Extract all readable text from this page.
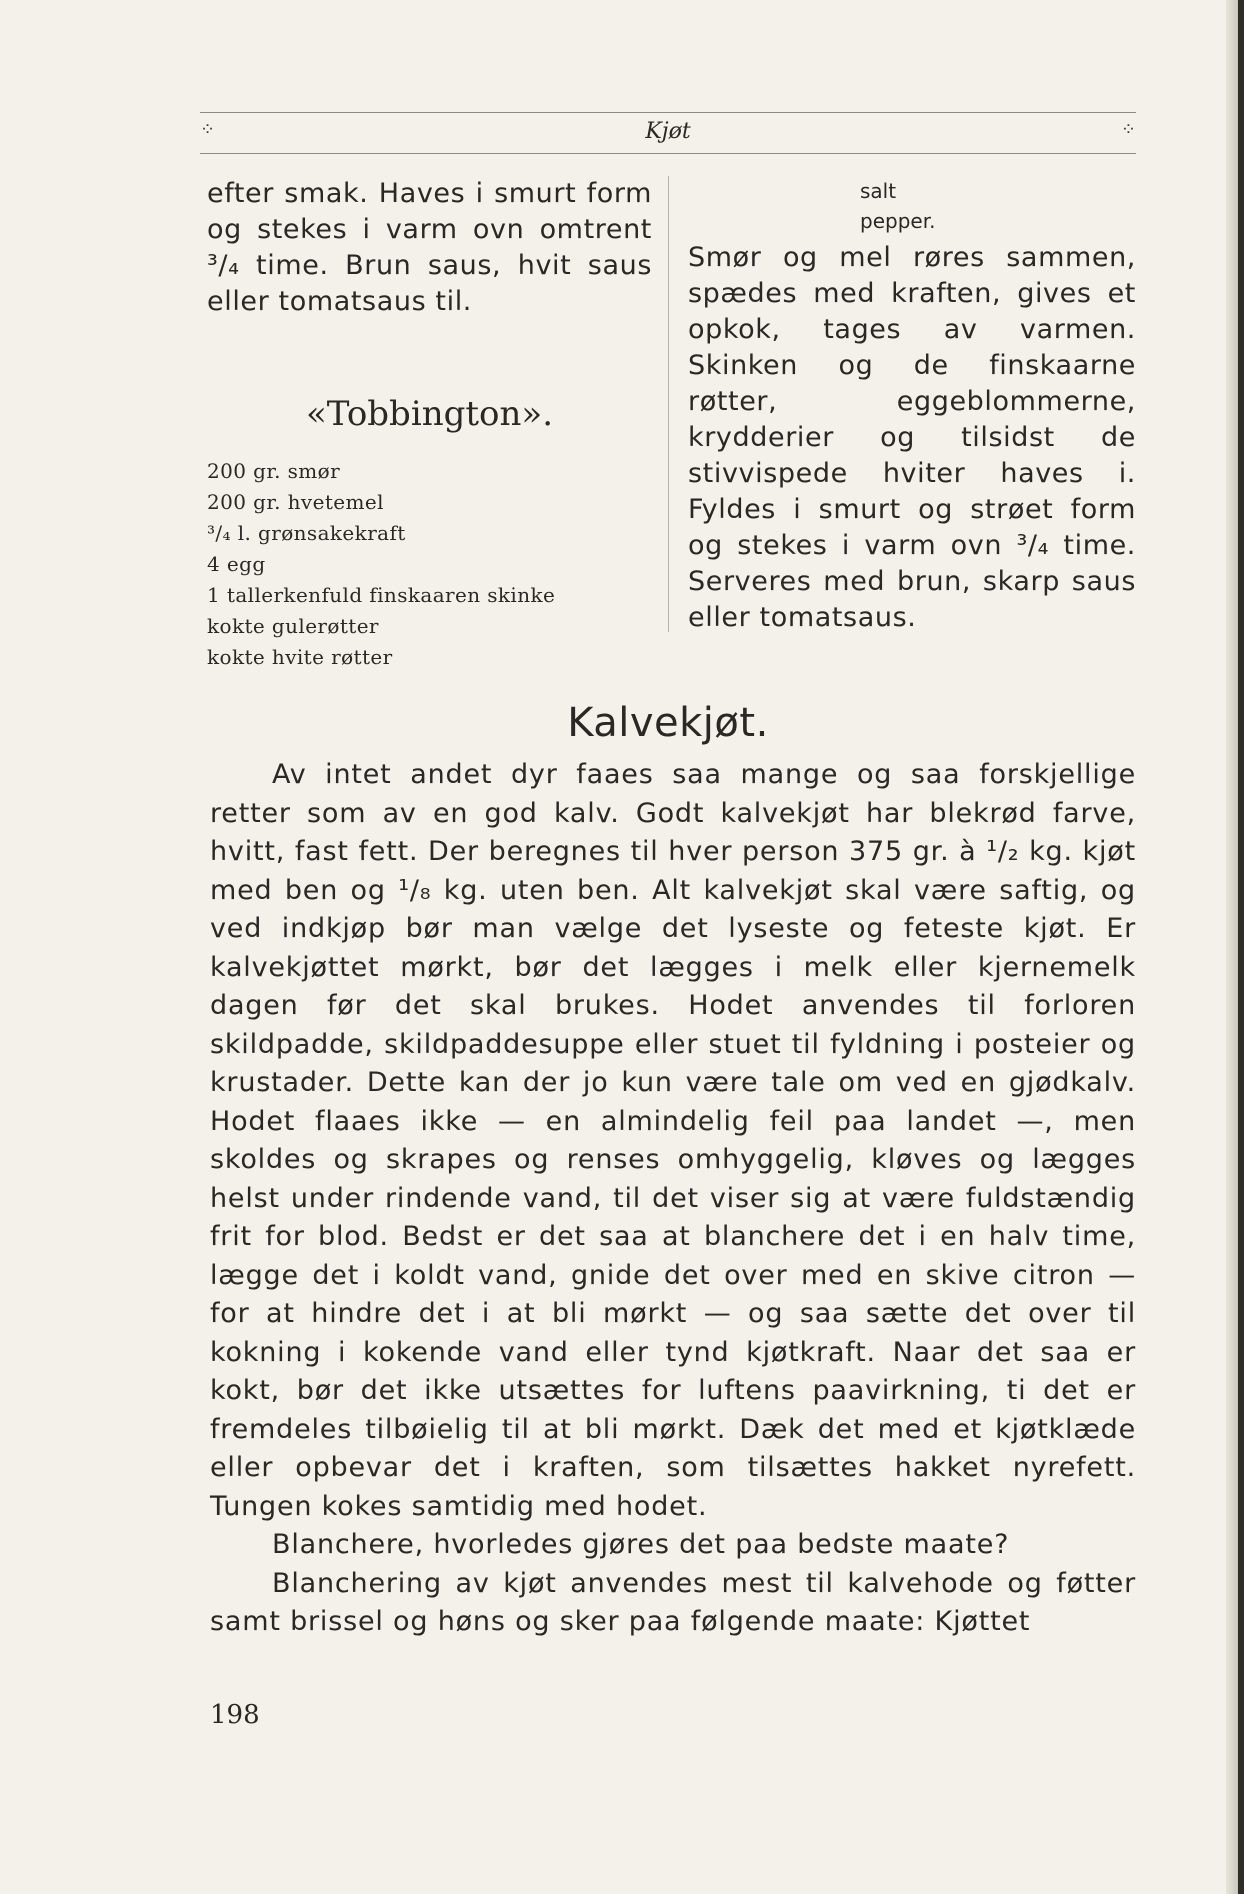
⁘	Kjøt	⁘
efter smak. Haves i smurt form og stekes i varm ovn omtrent ³/₄ time. Brun saus, hvit saus eller tomatsaus til.
«Tobbington».
200 gr. smør
200 gr. hvetemel
³/₄ l. grønsakekraft
4 egg
1 tallerkenfuld finskaaren skinke
kokte gulerøtter
kokte hvite røtter
salt
pepper.
Smør og mel røres sammen, spædes med kraften, gives et opkok, tages av varmen. Skinken og de finskaarne røtter, eggeblommerne, krydderier og tilsidst de stivvispede hviter haves i. Fyldes i smurt og strøet form og stekes i varm ovn ³/₄ time. Serveres med brun, skarp saus eller tomatsaus.
Kalvekjøt.

Av intet andet dyr faaes saa mange og saa forskjellige retter som av en god kalv. Godt kalvekjøt har blekrød farve, hvitt, fast fett. Der beregnes til hver person 375 gr. à ¹/₂ kg. kjøt med ben og ¹/₈ kg. uten ben. Alt kalvekjøt skal være saftig, og ved indkjøp bør man vælge det lyseste og feteste kjøt. Er kalvekjøttet mørkt, bør det lægges i melk eller kjernemelk dagen før det skal brukes. Hodet anvendes til forloren skildpadde, skildpaddesuppe eller stuet til fyldning i posteier og krustader. Dette kan der jo kun være tale om ved en gjødkalv. Hodet flaaes ikke — en almindelig feil paa landet —, men skoldes og skrapes og renses omhyggelig, kløves og lægges helst under rindende vand, til det viser sig at være fuldstændig frit for blod. Bedst er det saa at blanchere det i en halv time, lægge det i koldt vand, gnide det over med en skive citron — for at hindre det i at bli mørkt — og saa sætte det over til kokning i kokende vand eller tynd kjøtkraft. Naar det saa er kokt, bør det ikke utsættes for luftens paavirkning, ti det er fremdeles tilbøielig til at bli mørkt. Dæk det med et kjøtklæde eller opbevar det i kraften, som tilsættes hakket nyrefett. Tungen kokes samtidig med hodet.

Blanchere, hvorledes gjøres det paa bedste maate?

Blanchering av kjøt anvendes mest til kalvehode og føtter samt brissel og høns og sker paa følgende maate: Kjøttet

198
